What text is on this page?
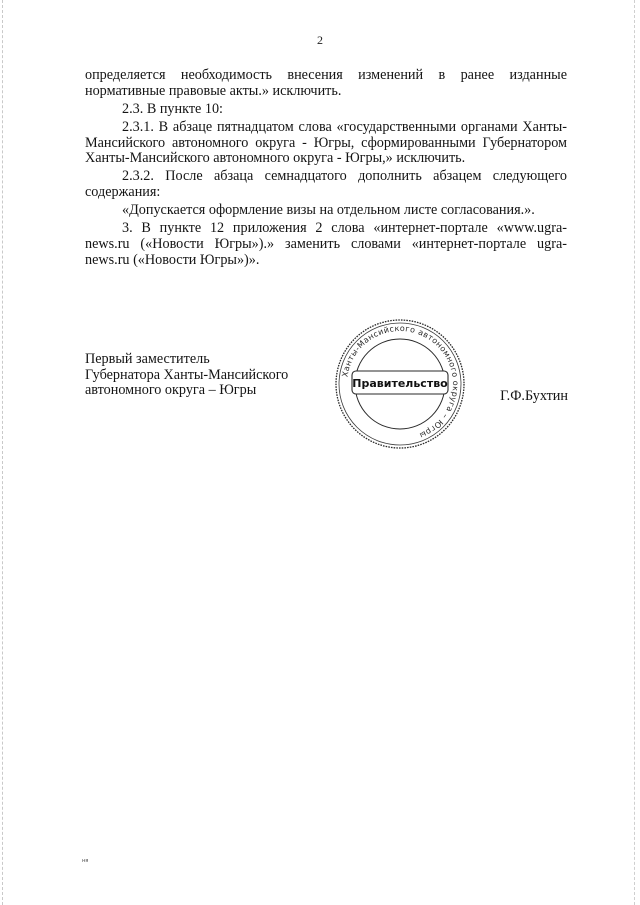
2

определяется необходимость внесения изменений в ранее изданные нормативные правовые акты.» исключить.

2.3. В пункте 10:

2.3.1. В абзаце пятнадцатом слова «государственными органами Ханты-Мансийского автономного округа - Югры, сформированными Губернатором Ханты-Мансийского автономного округа - Югры,» исключить.

2.3.2. После абзаца семнадцатого дополнить абзацем следующего содержания:

«Допускается оформление визы на отдельном листе согласования.».

3. В пункте 12 приложения 2 слова «интернет-портале «www.ugra-news.ru («Новости Югры»).» заменить словами «интернет-портале ugra-news.ru («Новости Югры»)».

Первый заместитель
Губернатора Ханты-Мансийского
автономного округа – Югры
Ханты-Мансийского автономного округа – Югры
Правительство
Г.Ф.Бухтин
ня
